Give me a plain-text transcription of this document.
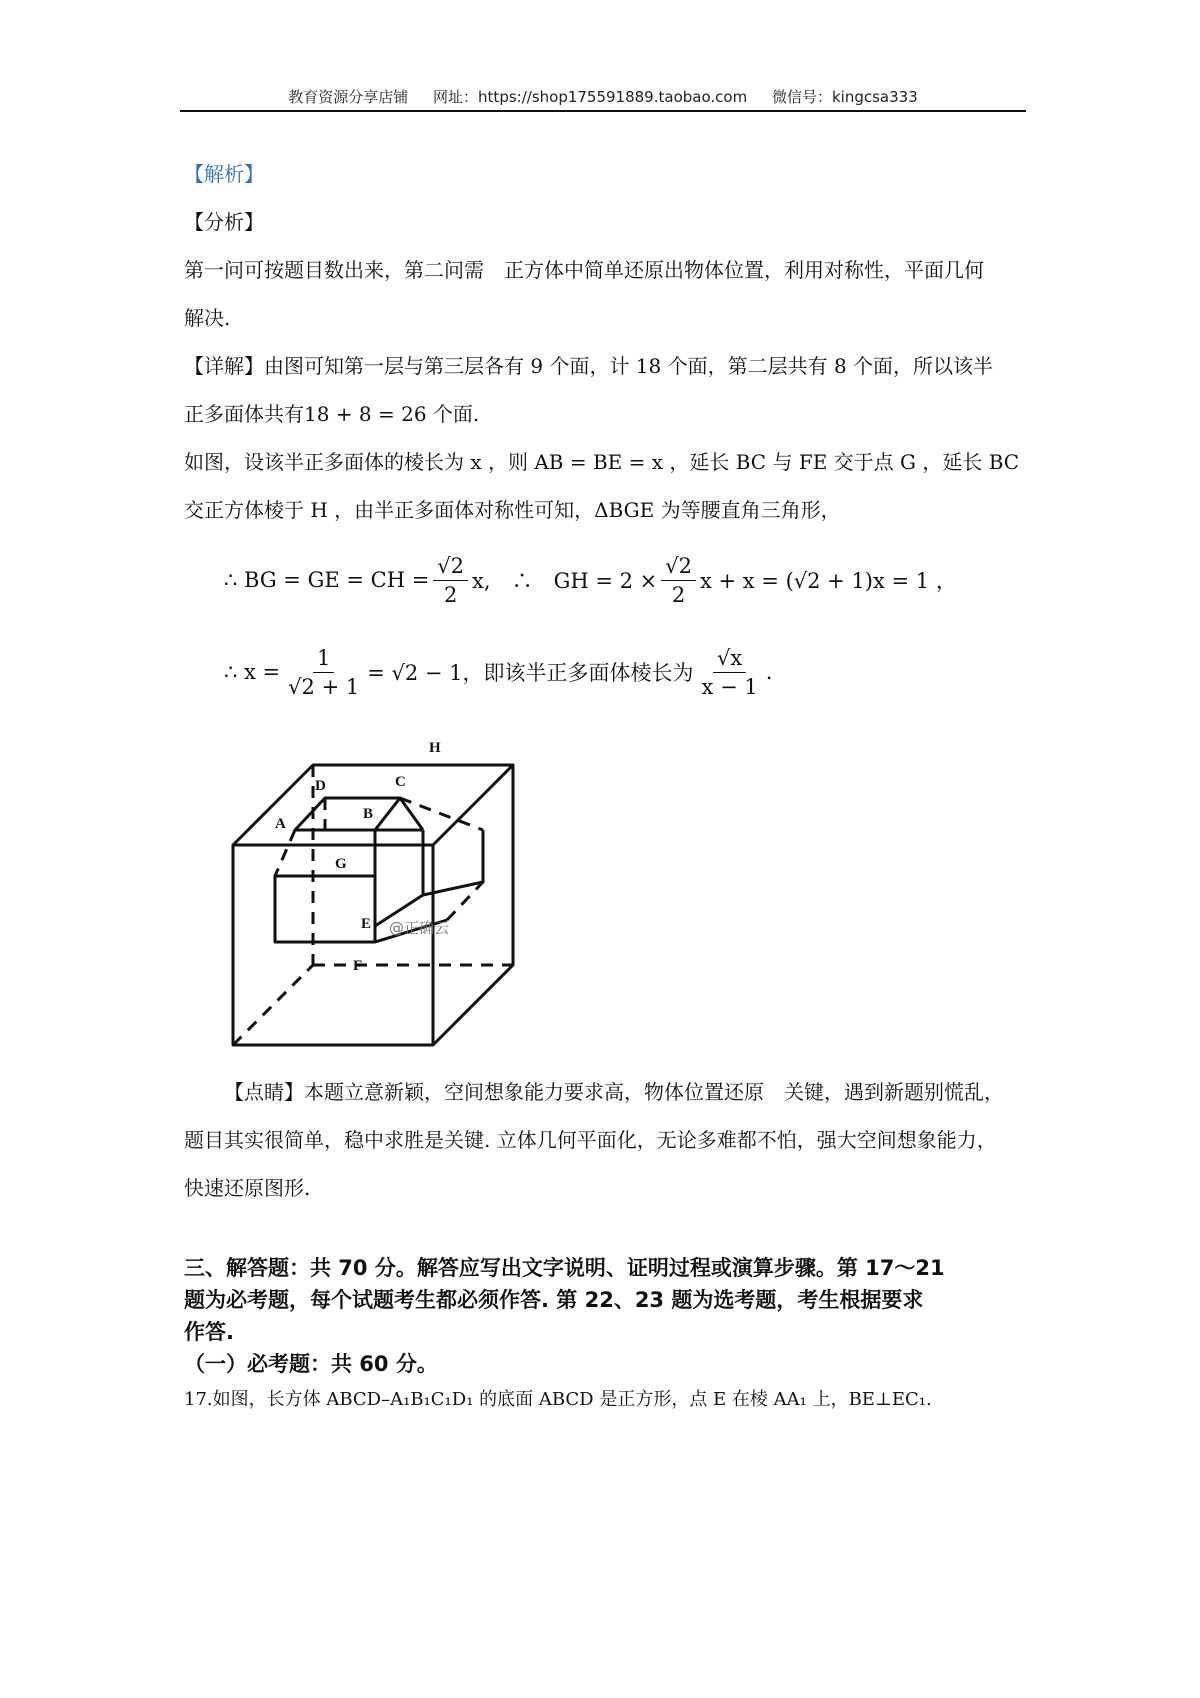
教育资源分享店铺 网址：https://shop175591889.taobao.com 微信号：kingcsa333

【解析】

【分析】

第一问可按题目数出来，第二问需　正方体中简单还原出物体位置，利用对称性，平面几何

解决.

【详解】由图可知第一层与第三层各有 9 个面，计 18 个面，第二层共有 8 个面，所以该半

正多面体共有18 + 8 = 26 个面.

如图，设该半正多面体的棱长为 x ，则 AB = BE = x ，延长 BC 与 FE 交于点 G ，延长 BC

交正方体棱于 H ，由半正多面体对称性可知，ΔBGE 为等腰直角三角形，

∴ BG = GE = CH = $\frac{√2}{2} x$,　∴　GH = $2 \times \frac{√2}{2}$ x + x = (√2 + 1)x = 1 ，
∴ $x = \frac{1}{√2 + 1} = √2 - 1$，即该半正多面体棱长为 $\frac{√x}{x - 1}$ .
H
D	C
A
B
G
E
F
@正确云

【点睛】本题立意新颖，空间想象能力要求高，物体位置还原　关键，遇到新题别慌乱，

题目其实很简单，稳中求胜是关键. 立体几何平面化，无论多难都不怕，强大空间想象能力，

快速还原图形.

三、解答题：共 70 分。解答应写出文字说明、证明过程或演算步骤。第 17～21

题为必考题，每个试题考生都必须作答. 第 22、23 题为选考题，考生根据要求

作答.

（一）必考题：共 60 分。

17.如图，长方体 ABCD–A₁B₁C₁D₁ 的底面 ABCD 是正方形，点 E 在棱 AA₁ 上，BE⊥EC₁.
